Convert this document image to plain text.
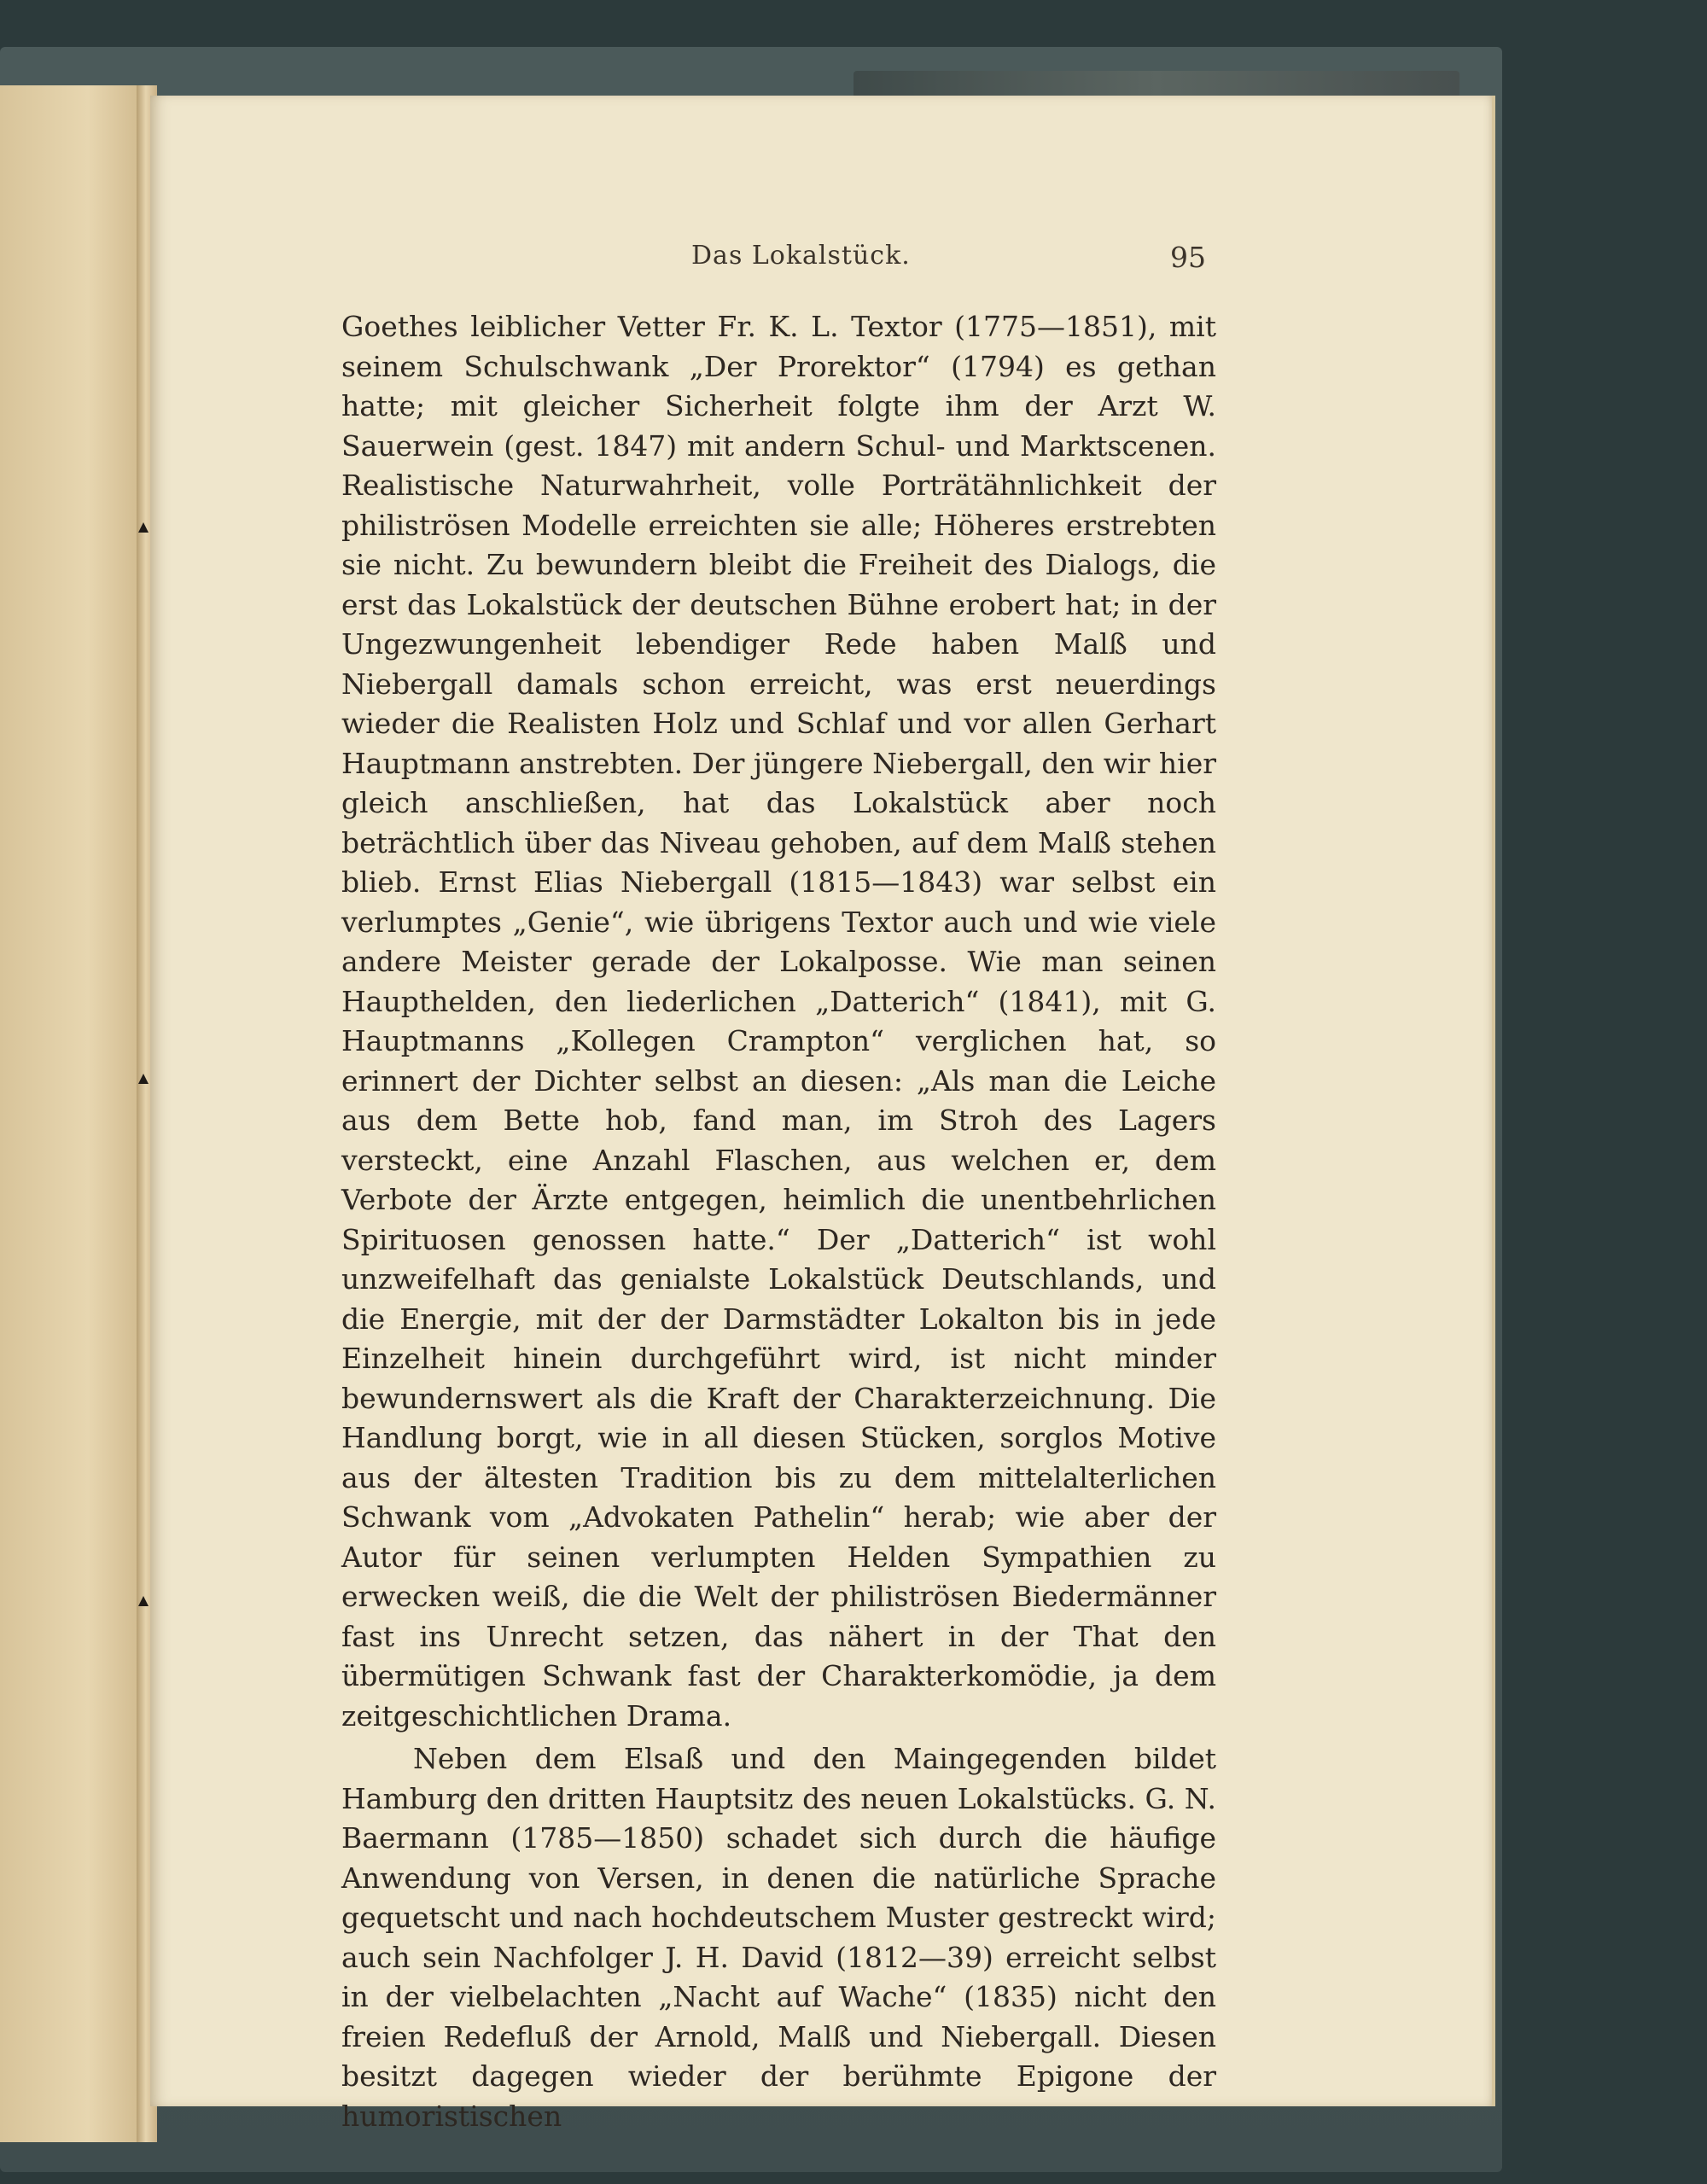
Das Lokalstück.	95

Goethes leiblicher Vetter Fr. K. L. Textor (1775—1851), mit seinem Schulschwank „Der Prorektor“ (1794) es gethan hatte; mit gleicher Sicherheit folgte ihm der Arzt W. Sauerwein (gest. 1847) mit andern Schul- und Marktscenen. Realistische Naturwahrheit, volle Porträtähnlichkeit der philiströsen Modelle erreichten sie alle; Höheres erstrebten sie nicht. Zu bewundern bleibt die Freiheit des Dialogs, die erst das Lokalstück der deutschen Bühne erobert hat; in der Ungezwungenheit lebendiger Rede haben Malß und Niebergall damals schon erreicht, was erst neuerdings wieder die Realisten Holz und Schlaf und vor allen Gerhart Hauptmann anstrebten. Der jüngere Niebergall, den wir hier gleich anschließen, hat das Lokalstück aber noch beträchtlich über das Niveau gehoben, auf dem Malß stehen blieb. Ernst Elias Niebergall (1815—1843) war selbst ein verlumptes „Genie“, wie übrigens Textor auch und wie viele andere Meister gerade der Lokalposse. Wie man seinen Haupthelden, den liederlichen „Datterich“ (1841), mit G. Hauptmanns „Kollegen Crampton“ verglichen hat, so erinnert der Dichter selbst an diesen: „Als man die Leiche aus dem Bette hob, fand man, im Stroh des Lagers versteckt, eine Anzahl Flaschen, aus welchen er, dem Verbote der Ärzte entgegen, heimlich die unentbehrlichen Spirituosen genossen hatte.“ Der „Datterich“ ist wohl unzweifelhaft das genialste Lokalstück Deutschlands, und die Energie, mit der der Darmstädter Lokalton bis in jede Einzelheit hinein durchgeführt wird, ist nicht minder bewundernswert als die Kraft der Charakterzeichnung. Die Handlung borgt, wie in all diesen Stücken, sorglos Motive aus der ältesten Tradition bis zu dem mittelalterlichen Schwank vom „Advokaten Pathelin“ herab; wie aber der Autor für seinen verlumpten Helden Sympathien zu erwecken weiß, die die Welt der philiströsen Biedermänner fast ins Unrecht setzen, das nähert in der That den übermütigen Schwank fast der Charakterkomödie, ja dem zeitgeschichtlichen Drama.

Neben dem Elsaß und den Maingegenden bildet Hamburg den dritten Hauptsitz des neuen Lokalstücks. G. N. Baermann (1785—1850) schadet sich durch die häufige Anwendung von Versen, in denen die natürliche Sprache gequetscht und nach hochdeutschem Muster gestreckt wird; auch sein Nachfolger J. H. David (1812—39) erreicht selbst in der vielbelachten „Nacht auf Wache“ (1835) nicht den freien Redefluß der Arnold, Malß und Niebergall. Diesen besitzt dagegen wieder der berühmte Epigone der humoristischen
